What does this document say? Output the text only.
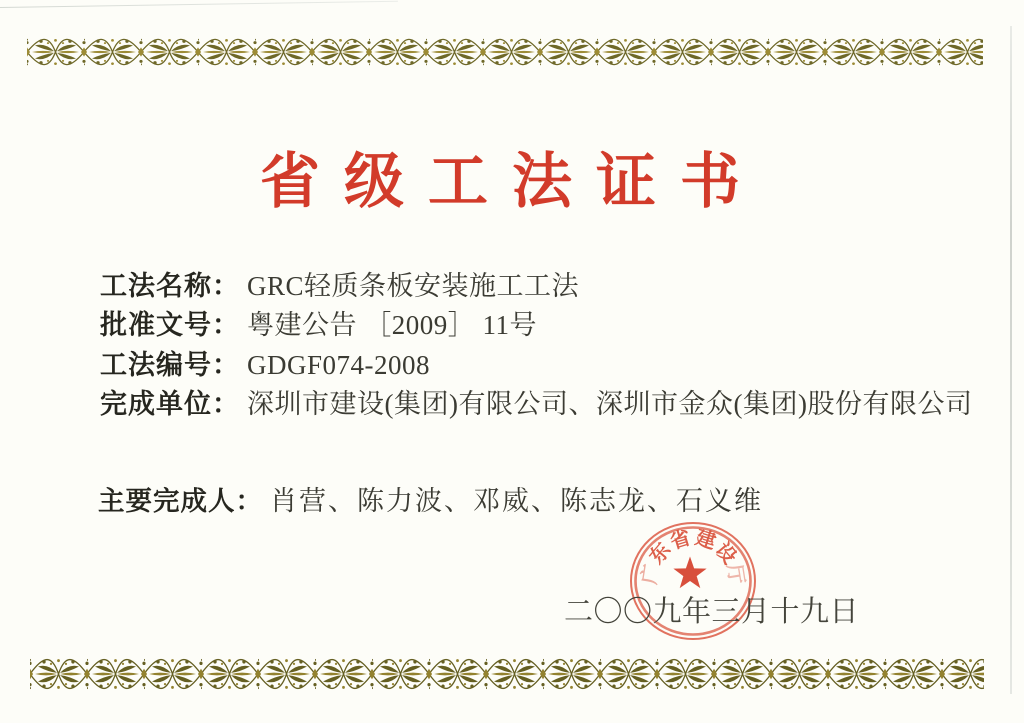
省级工法证书
工法名称： GRC轻质条板安装施工工法
批准文号： 粤建公告 ［2009］ 11号
工法编号： GDGF074-2008
完成单位： 深圳市建设(集团)有限公司、深圳市金众(集团)股份有限公司
主要完成人： 肖营、陈力波、邓威、陈志龙、石义维
广
东
省 建
设
厅
二〇〇九年三月十九日
